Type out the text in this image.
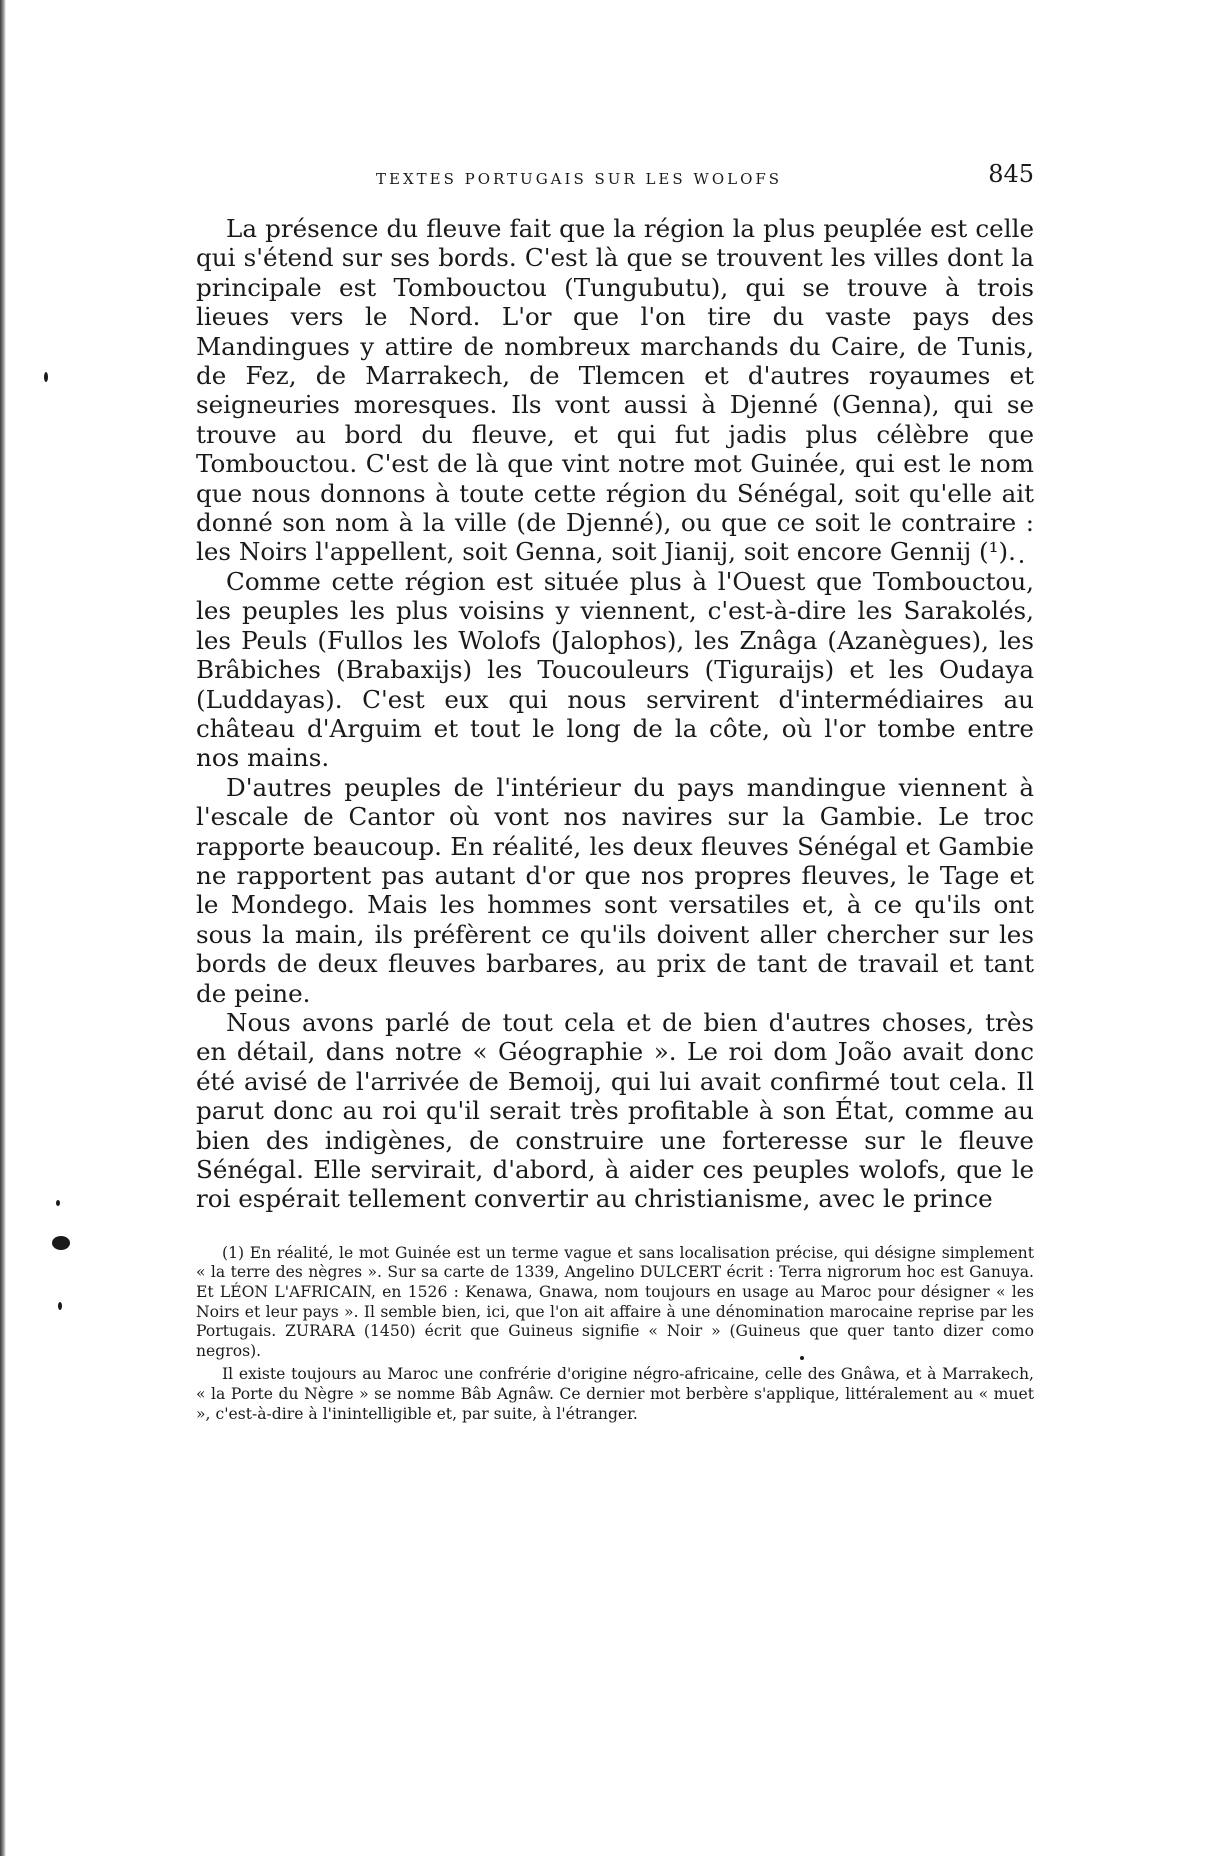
TEXTES PORTUGAIS SUR LES WOLOFS	845

La présence du fleuve fait que la région la plus peuplée est celle qui s'étend sur ses bords. C'est là que se trouvent les villes dont la principale est Tombouctou (Tungubutu), qui se trouve à trois lieues vers le Nord. L'or que l'on tire du vaste pays des Mandingues y attire de nombreux marchands du Caire, de Tunis, de Fez, de Marrakech, de Tlemcen et d'autres royaumes et seigneuries moresques. Ils vont aussi à Djenné (Genna), qui se trouve au bord du fleuve, et qui fut jadis plus célèbre que Tombouctou. C'est de là que vint notre mot Guinée, qui est le nom que nous donnons à toute cette région du Sénégal, soit qu'elle ait donné son nom à la ville (de Djenné), ou que ce soit le contraire : les Noirs l'appellent, soit Genna, soit Jianij, soit encore Gennij (¹).

Comme cette région est située plus à l'Ouest que Tombouctou, les peuples les plus voisins y viennent, c'est-à-dire les Sarakolés, les Peuls (Fullos les Wolofs (Jalophos), les Znâga (Azanègues), les Brâbiches (Brabaxijs) les Toucouleurs (Tiguraijs) et les Oudaya (Luddayas). C'est eux qui nous servirent d'intermédiaires au château d'Arguim et tout le long de la côte, où l'or tombe entre nos mains.

D'autres peuples de l'intérieur du pays mandingue viennent à l'escale de Cantor où vont nos navires sur la Gambie. Le troc rapporte beaucoup. En réalité, les deux fleuves Sénégal et Gambie ne rapportent pas autant d'or que nos propres fleuves, le Tage et le Mondego. Mais les hommes sont versatiles et, à ce qu'ils ont sous la main, ils préfèrent ce qu'ils doivent aller chercher sur les bords de deux fleuves barbares, au prix de tant de travail et tant de peine.

Nous avons parlé de tout cela et de bien d'autres choses, très en détail, dans notre « Géographie ». Le roi dom João avait donc été avisé de l'arrivée de Bemoij, qui lui avait confirmé tout cela. Il parut donc au roi qu'il serait très profitable à son État, comme au bien des indigènes, de construire une forteresse sur le fleuve Sénégal. Elle servirait, d'abord, à aider ces peuples wolofs, que le roi espérait tellement convertir au christianisme, avec le prince

(1) En réalité, le mot Guinée est un terme vague et sans localisation précise, qui désigne simplement « la terre des nègres ». Sur sa carte de 1339, Angelino DULCERT écrit : Terra nigrorum hoc est Ganuya. Et LÉON L'AFRICAIN, en 1526 : Kenawa, Gnawa, nom toujours en usage au Maroc pour désigner « les Noirs et leur pays ». Il semble bien, ici, que l'on ait affaire à une dénomination marocaine reprise par les Portugais. ZURARA (1450) écrit que Guineus signifie « Noir » (Guineus que quer tanto dizer como negros).

Il existe toujours au Maroc une confrérie d'origine négro-africaine, celle des Gnâwa, et à Marrakech, « la Porte du Nègre » se nomme Bâb Agnâw. Ce dernier mot berbère s'applique, littéralement au « muet », c'est-à-dire à l'inintelligible et, par suite, à l'étranger.
